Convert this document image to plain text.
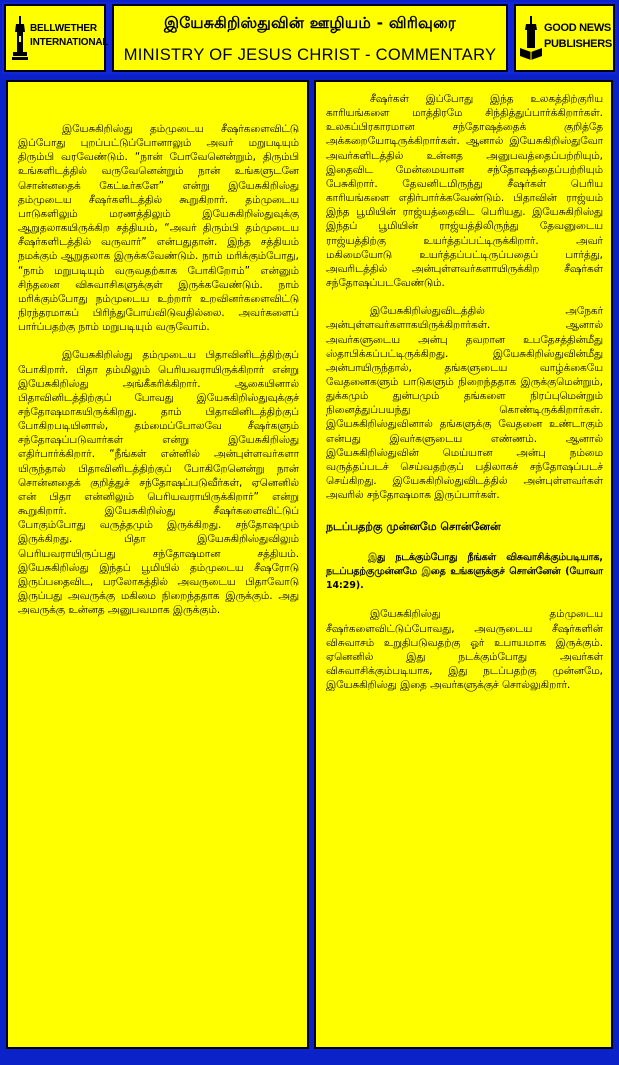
BELLWETHER
INTERNATIONAL
இயேசுகிறிஸ்துவின் ஊழியம் - விரிவுரை
MINISTRY OF JESUS CHRIST - COMMENTARY
GOOD NEWS
PUBLISHERS

இயேசுகிறிஸ்து தம்முடைய சீஷர்களைவிட்டு இப்போது புறப்பட்டுப்போனாலும் அவர் மறுபடியும் திரும்பி வரவேண்டும். “நான் போவேனென்றும், திரும்பி உங்களிடத்தில் வருவேனென்றும் நான் உங்களுடனே சொன்னதைக் கேட்டீர்களே” என்று இயேசுகிறிஸ்து தம்முடைய சீஷர்களிடத்தில் கூறுகிறார். தம்முடைய பாடுகளிலும் மரணத்திலும் இயேசுகிறிஸ்துவுக்கு ஆறுதலாகயிருக்கிற சத்தியம், “அவர் திரும்பி தம்முடைய சீஷர்களிடத்தில் வருவார்” என்பதுதான். இந்த சத்தியம் நமக்கும் ஆறுதலாக இருக்கவேண்டும். நாம் மரிக்கும்போது, “நாம் மறுபடியும் வருவதற்காக போகிறோம்” என்னும் சிந்தனை விசுவாசிகளுக்குள் இருக்கவேண்டும். நாம் மரிக்கும்போது நம்முடைய உற்றார் உறவினர்களைவிட்டு நிரந்தரமாகப் பிரிந்துபோய்விடுவதில்லை. அவர்களைப் பார்ப்பதற்கு நாம் மறுபடியும் வருவோம்.

இயேசுகிறிஸ்து தம்முடைய பிதாவினிடத்திற்குப் போகிறார். பிதா தம்மிலும் பெரியவராயிருக்கிறார் என்று இயேசுகிறிஸ்து அங்கீகரிக்கிறார். ஆகையினால் பிதாவினிடத்திற்குப் போவது இயேசுகிறிஸ்துவுக்குச் சந்தோஷமாகயிருக்கிறது. தாம் பிதாவினிடத்திற்குப் போகிறபடியினால், தம்மைப்போலவே சீஷர்களும் சந்தோஷப்படுவார்கள் என்று இயேசுகிறிஸ்து எதிர்பார்க்கிறார். “நீங்கள் என்னில் அன்புள்ளவர்களா யிருந்தால் பிதாவினிடத்திற்குப் போகிறேனென்று நான் சொன்னதைக் குறித்துச் சந்தோஷப்படுவீர்கள், ஏனெனில் என் பிதா என்னிலும் பெரியவராயிருக்கிறார்” என்று கூறுகிறார். இயேசுகிறிஸ்து சீஷர்களைவிட்டுப் போகும்போது வருத்தமும் இருக்கிறது. சந்தோஷமும் இருக்கிறது. பிதா இயேசுகிறிஸ்துவிலும் பெரியவராயிருப்பது சந்தோஷமான சத்தியம். இயேசுகிறிஸ்து இந்தப் பூமியில் தம்முடைய சீஷரோடு இருப்பதைவிட, பரலோகத்தில் அவருடைய பிதாவோடு இருப்பது அவருக்கு மகிமை நிறைந்ததாக இருக்கும். அது அவருக்கு உன்னத அனுபவமாக இருக்கும்.

சீஷர்கள் இப்போது இந்த உலகத்திற்குரிய காரியங்களை மாத்திரமே சிந்தித்துப்பார்க்கிறார்கள். உலகப்பிரகாரமான சந்தோஷத்தைக் குறித்தே அக்கறையோடிருக்கிறார்கள். ஆனால் இயேசுகிறிஸ்துவோ அவர்களிடத்தில் உன்னத அனுபவத்தைப்பற்றியும், இதைவிட மேன்மையான சந்தோஷத்தைப்பற்றியும் பேசுகிறார். தேவனிடமிருந்து சீஷர்கள் பெரிய காரியங்களை எதிர்பார்க்கவேண்டும். பிதாவின் ராஜ்யம் இந்த பூமியின் ராஜ்யத்தைவிட பெரியது. இயேசுகிறிஸ்து இந்தப் பூமியின் ராஜ்யத்திலிருந்து தேவனுடைய ராஜ்யத்திற்கு உயர்த்தப்பட்டிருக்கிறார். அவர் மகிமையோடு உயர்த்தப்பட்டிருப்பதைப் பார்த்து, அவரிடத்தில் அன்புள்ளவர்களாயிருக்கிற சீஷர்கள் சந்தோஷப்படவேண்டும்.

இயேசுகிறிஸ்துவிடத்தில் அநேகர் அன்புள்ளவர்களாகயிருக்கிறார்கள். ஆனால் அவர்களுடைய அன்பு தவறான உபதேசத்தின்மீது ஸ்தாபிக்கப்பட்டிருக்கிறது. இயேசுகிறிஸ்துவின்மீது அன்பாயிருந்தால், தங்களுடைய வாழ்க்கையே வேதனைகளும் பாடுகளும் நிறைந்ததாக இருக்குமென்றும், துக்கமும் துன்பமும் தங்களை நிரப்புமென்றும் நினைத்துப்பயந்து கொண்டிருக்கிறார்கள். இயேசுகிறிஸ்துவினால் தங்களுக்கு வேதனை உண்டாகும் என்பது இவர்களுடைய எண்ணம். ஆனால் இயேசுகிறிஸ்துவின் மெய்யான அன்பு நம்மை வருத்தப்படச் செய்வதற்குப் பதிலாகச் சந்தோஷப்படச் செய்கிறது. இயேசுகிறிஸ்துவிடத்தில் அன்புள்ளவர்கள் அவரில் சந்தோஷமாக இருப்பார்கள்.

நடப்பதற்கு முன்னமே சொன்னேன்

இது நடக்கும்போது நீங்கள் விசுவாசிக்கும்படியாக, நடப்பதற்குமுன்னமே இதை உங்களுக்குச் சொன்னேன் (யோவா 14:29).

இயேசுகிறிஸ்து தம்முடைய சீஷர்களைவிட்டுப்போவது, அவருடைய சீஷர்களின் விசுவாசம் உறுதிபடுவதற்கு ஓர் உபாயமாக இருக்கும். ஏனெனில் இது நடக்கும்போது அவர்கள் விசுவாசிக்கும்படியாக, இது நடப்பதற்கு முன்னமே, இயேசுகிறிஸ்து இதை அவர்களுக்குச் சொல்லுகிறார்.
